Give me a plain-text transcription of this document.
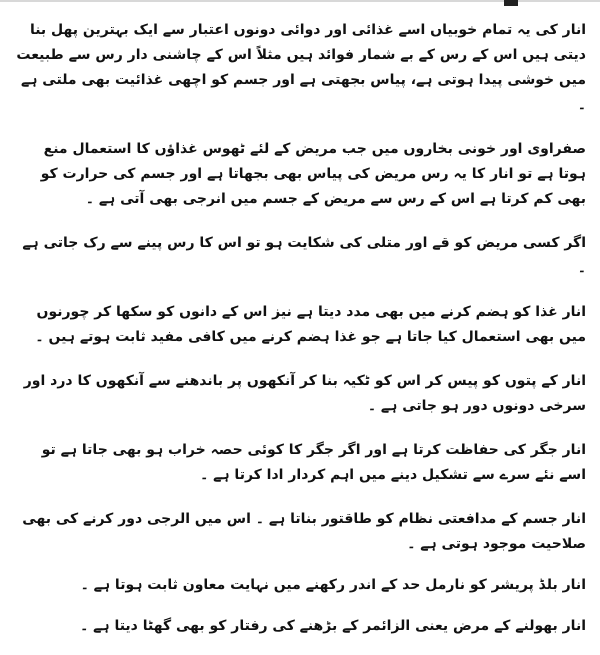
انار کی یہ تمام خوبیاں اسے غذائی اور دوائی دونوں اعتبار سے ایک بہترین پھل بنا دیتی ہیں اس کے رس کے بے شمار فوائد ہیں مثلاً اس کے چاشنی دار رس سے طبیعت میں خوشی پیدا ہوتی ہے، پیاس بجھتی ہے اور جسم کو اچھی غذائیت بھی ملتی ہے ۔

صفراوی اور خونی بخاروں میں جب مریض کے لئے ٹھوس غذاؤں کا استعمال منع ہوتا ہے تو انار کا یہ رس مریض کی پیاس بھی بجھاتا ہے اور جسم کی حرارت کو بھی کم کرتا ہے اس کے رس سے مریض کے جسم میں انرجی بھی آتی ہے ۔

اگر کسی مریض کو قے اور متلی کی شکایت ہو تو اس کا رس پینے سے رک جاتی ہے ۔

انار غذا کو ہضم کرنے میں بھی مدد دیتا ہے نیز اس کے دانوں کو سکھا کر چورنوں میں بھی استعمال کیا جاتا ہے جو غذا ہضم کرنے میں کافی مفید ثابت ہوتے ہیں ۔

انار کے پتوں کو پیس کر اس کو ٹکیہ بنا کر آنکھوں پر باندھنے سے آنکھوں کا درد اور سرخی دونوں دور ہو جاتی ہے ۔

انار جگر کی حفاظت کرتا ہے اور اگر جگر کا کوئی حصہ خراب ہو بھی جاتا ہے تو اسے نئے سرے سے تشکیل دینے میں اہم کردار ادا کرتا ہے ۔

انار جسم کے مدافعتی نظام کو طاقتور بناتا ہے ۔ اس میں الرجی دور کرنے کی بھی صلاحیت موجود ہوتی ہے ۔

انار بلڈ پریشر کو نارمل حد کے اندر رکھنے میں نہایت معاون ثابت ہوتا ہے ۔

انار بھولنے کے مرض یعنی الزائمر کے بڑھنے کی رفتار کو بھی گھٹا دیتا ہے ۔
